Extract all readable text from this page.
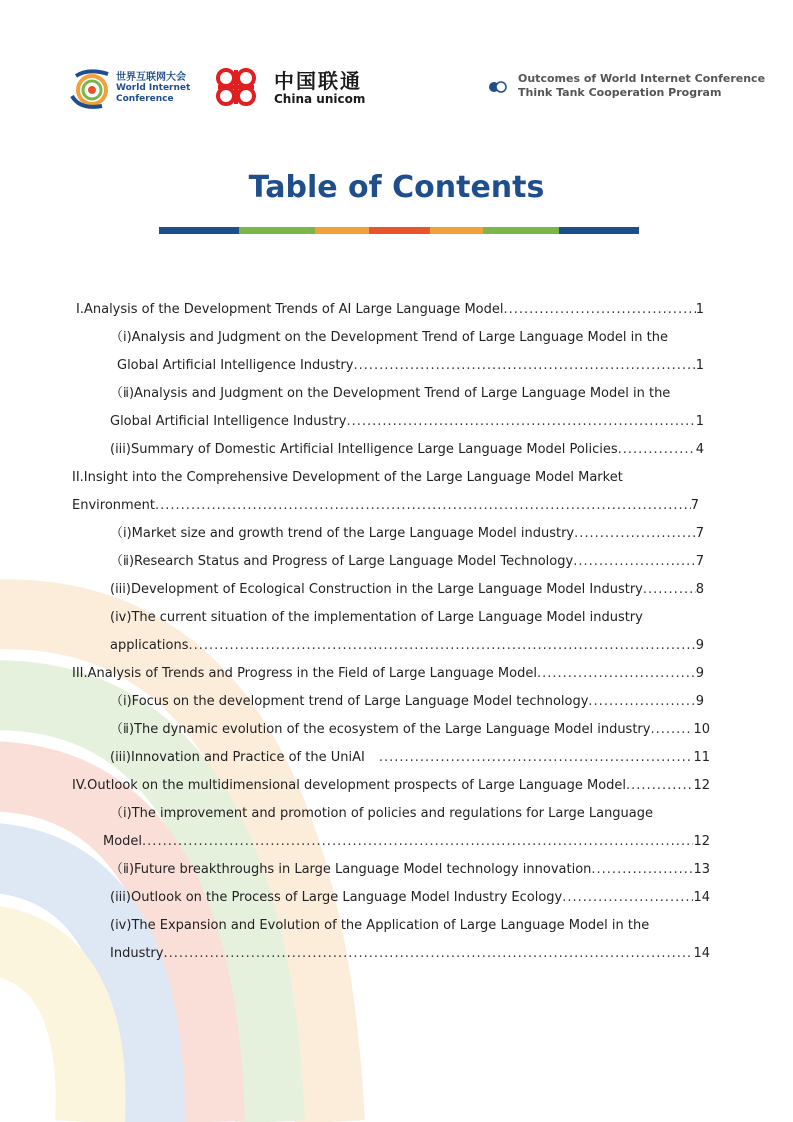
世界互联网大会
World Internet
Conference
中国联通
China unicom
Outcomes of World Internet Conference
Think Tank Cooperation Program
Table of Contents
Ⅰ.Analysis of the Development Trends of AI Large Language Model .....	1
（ⅰ)Analysis and Judgment on the Development Trend of Large Language Model in the
Global Artificial Intelligence Industry .....	1
（ⅱ)Analysis and Judgment on the Development Trend of Large Language Model in the
Global Artificial Intelligence Industry .....	1
(iii)Summary of Domestic Artificial Intelligence Large Language Model Policies .....	4
II.Insight into the Comprehensive Development of the Large Language Model Market
Environment .....	7
（ⅰ)Market size and growth trend of the Large Language Model industry .....	7
（ⅱ)Research Status and Progress of Large Language Model Technology .....	7
(iii)Development of Ecological Construction in the Large Language Model Industry .....	8
(iv)The current situation of the implementation of Large Language Model industry
applications .....	9
III.Analysis of Trends and Progress in the Field of Large Language Model .....	9
（ⅰ)Focus on the development trend of Large Language Model technology .....	9
（ⅱ)The dynamic evolution of the ecosystem of the Large Language Model industry .....	10
(iii)Innovation and Practice of the UniAI .....	11
IV.Outlook on the multidimensional development prospects of Large Language Model .....	12
（ⅰ)The improvement and promotion of policies and regulations for Large Language
Model .....	12
（ⅱ)Future breakthroughs in Large Language Model technology innovation .....	13
(iii)Outlook on the Process of Large Language Model Industry Ecology .....	14
(iv)The Expansion and Evolution of the Application of Large Language Model in the
Industry .....	14
